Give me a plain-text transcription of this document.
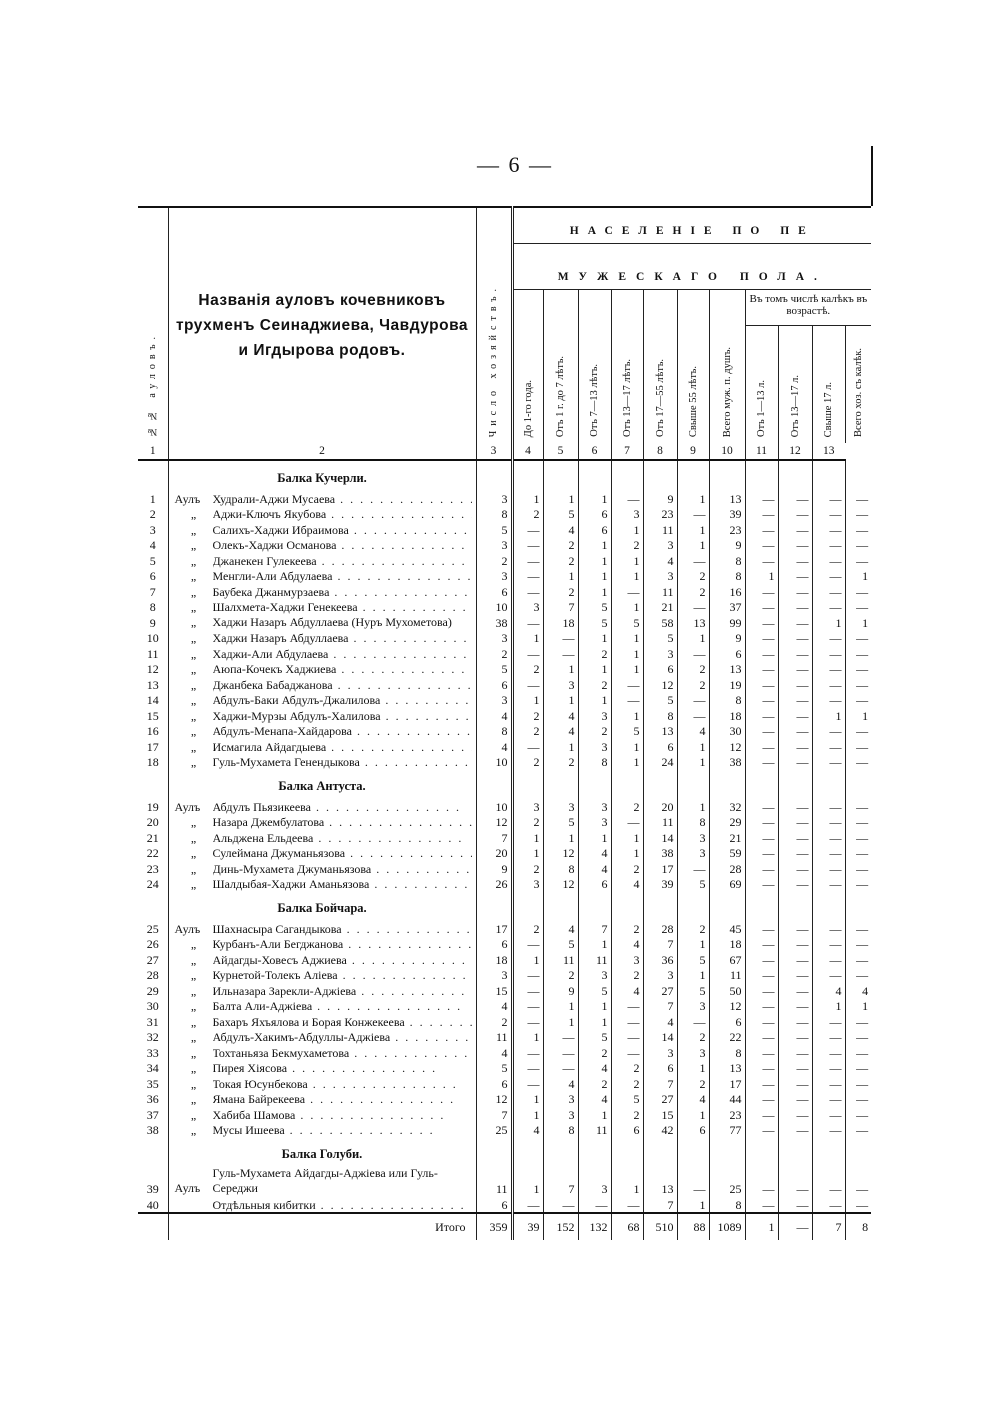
— 6 —
№№ ауловъ.	Названія ауловъ кочевниковъ трухменъ Сеинаджиева, Чавдурова и Игдырова родовъ.	Число хозяйствъ.	НАСЕЛЕНІЕ ПО ПЕ										
			МУЖЕСКАГО ПОЛА.										

			До 1-го года.	Отъ 1 г. до 7 лѣтъ.	Отъ 7—13 лѣтъ.	Отъ 13—17 лѣтъ.	Отъ 17—55 лѣтъ.	Свыше 55 лѣтъ.	Всего муж. п. душъ.	Въ томъ числѣ калѣкъ въ возрастѣ.			

										Отъ 1—13 л.	Отъ 13—17 л.	Свыше 17 л.	Всего хоз. съ калѣк.

1	2	3	4	5	6	7	8	9	10	11	12	13
	Балка Кучерли.												
1	Аулъ Худрали-Аджи Мусаева . .	3	1	1	1	—	9	1	13	—	—	—	—
2	„ Аджи-Ключъ Якубова . .	8	2	5	6	3	23	—	39	—	—	—	—
3	„ Салихъ-Хаджи Ибраимова . .	5	—	4	6	1	11	1	23	—	—	—	—
4	„ Олекъ-Хаджи Османова . .	3	—	2	1	2	3	1	9	—	—	—	—
5	„ Джанекен Гулекеева . .	2	—	2	1	1	4	—	8	—	—	—	—
6	„ Менгли-Али Абдулаева . .	3	—	1	1	1	3	2	8	1	—	—	1
7	„ Баубека Джанмурзаева . .	6	—	2	1	—	11	2	16	—	—	—	—
8	„ Шалхмета-Хаджи Генекеева . .	10	3	7	5	1	21	—	37	—	—	—	—
9	„ Хаджи Назаръ Абдуллаева (Нуръ Мухометова)	38	—	18	5	5	58	13	99	—	—	1	1
10	„ Хаджи Назаръ Абдуллаева . .	3	1	—	1	1	5	1	9	—	—	—	—
11	„ Хаджи-Али Абдулаева . .	2	—	—	2	1	3	—	6	—	—	—	—
12	„ Аюпа-Кочекъ Хаджиева . .	5	2	1	1	1	6	2	13	—	—	—	—
13	„ Джанбека Бабаджанова . .	6	—	3	2	—	12	2	19	—	—	—	—
14	„ Абдулъ-Баки Абдулъ-Джалилова . .	3	1	1	1	—	5	—	8	—	—	—	—
15	„ Хаджи-Мурзы Абдулъ-Халилова . .	4	2	4	3	1	8	—	18	—	—	1	1
16	„ Абдулъ-Менапа-Хайдарова . .	8	2	4	2	5	13	4	30	—	—	—	—
17	„ Исмагила Айдагдыева . .	4	—	1	3	1	6	1	12	—	—	—	—
18	„ Гуль-Мухамета Генендыкова . .	10	2	2	8	1	24	1	38	—	—	—	—
	Балка Антуста.												
19	Аулъ Абдулъ Пьязикеева . .	10	3	3	3	2	20	1	32	—	—	—	—
20	„ Назара Джембулатова . .	12	2	5	3	—	11	8	29	—	—	—	—
21	„ Альджена Ельдеева . .	7	1	1	1	1	14	3	21	—	—	—	—
22	„ Сулеймана Джуманьязова . .	20	1	12	4	1	38	3	59	—	—	—	—
23	„ Динь-Мухамета Джуманьязова . .	9	2	8	4	2	17	—	28	—	—	—	—
24	„ Шалдыбая-Хаджи Аманьязова . .	26	3	12	6	4	39	5	69	—	—	—	—
	Балка Бойчара.												
25	Аулъ Шахнасыра Сагандыкова . .	17	2	4	7	2	28	2	45	—	—	—	—
26	„ Курбанъ-Али Бегджанова . .	6	—	5	1	4	7	1	18	—	—	—	—
27	„ Айдагды-Ховесъ Аджиева . .	18	1	11	11	3	36	5	67	—	—	—	—
28	„ Курнетой-Толекъ Алiева . .	3	—	2	3	2	3	1	11	—	—	—	—
29	„ Ильназара Зарекли-Аджiева . .	15	—	9	5	4	27	5	50	—	—	4	4
30	„ Балта Али-Аджiева . .	4	—	1	1	—	7	3	12	—	—	1	1
31	„ Бахаръ Яхъялова и Борая Конжекеева . .	2	—	1	1	—	4	—	6	—	—	—	—
32	„ Абдулъ-Хакимъ-Абдуллы-Аджiева . .	11	1	—	5	—	14	2	22	—	—	—	—
33	„ Тохтаньяза Бекмухаметова . .	4	—	—	2	—	3	3	8	—	—	—	—
34	„ Пирея Хiясова . .	5	—	—	4	2	6	1	13	—	—	—	—
35	„ Токая Юсунбекова . .	6	—	4	2	2	7	2	17	—	—	—	—
36	„ Ямана Байрекеева . .	12	1	3	4	5	27	4	44	—	—	—	—
37	„ Хабиба Шамова . .	7	1	3	1	2	15	1	23	—	—	—	—
38	„ Мусы Ишеева . .	25	4	8	11	6	42	6	77	—	—	—	—
	Балка Голуби.												
39	Аулъ
Гуль-Мухамета Айдагды-Аджiева или Гуль-Середжи	11	1	7	3	1	13	—	25	—	—	—	—
40	Отдѣльныя кибитки . .	6	—	—	—	—	7	1	8	—	—	—	—
	Итого	359	39	152	132	68	510	88	1089	1	—	7	8
